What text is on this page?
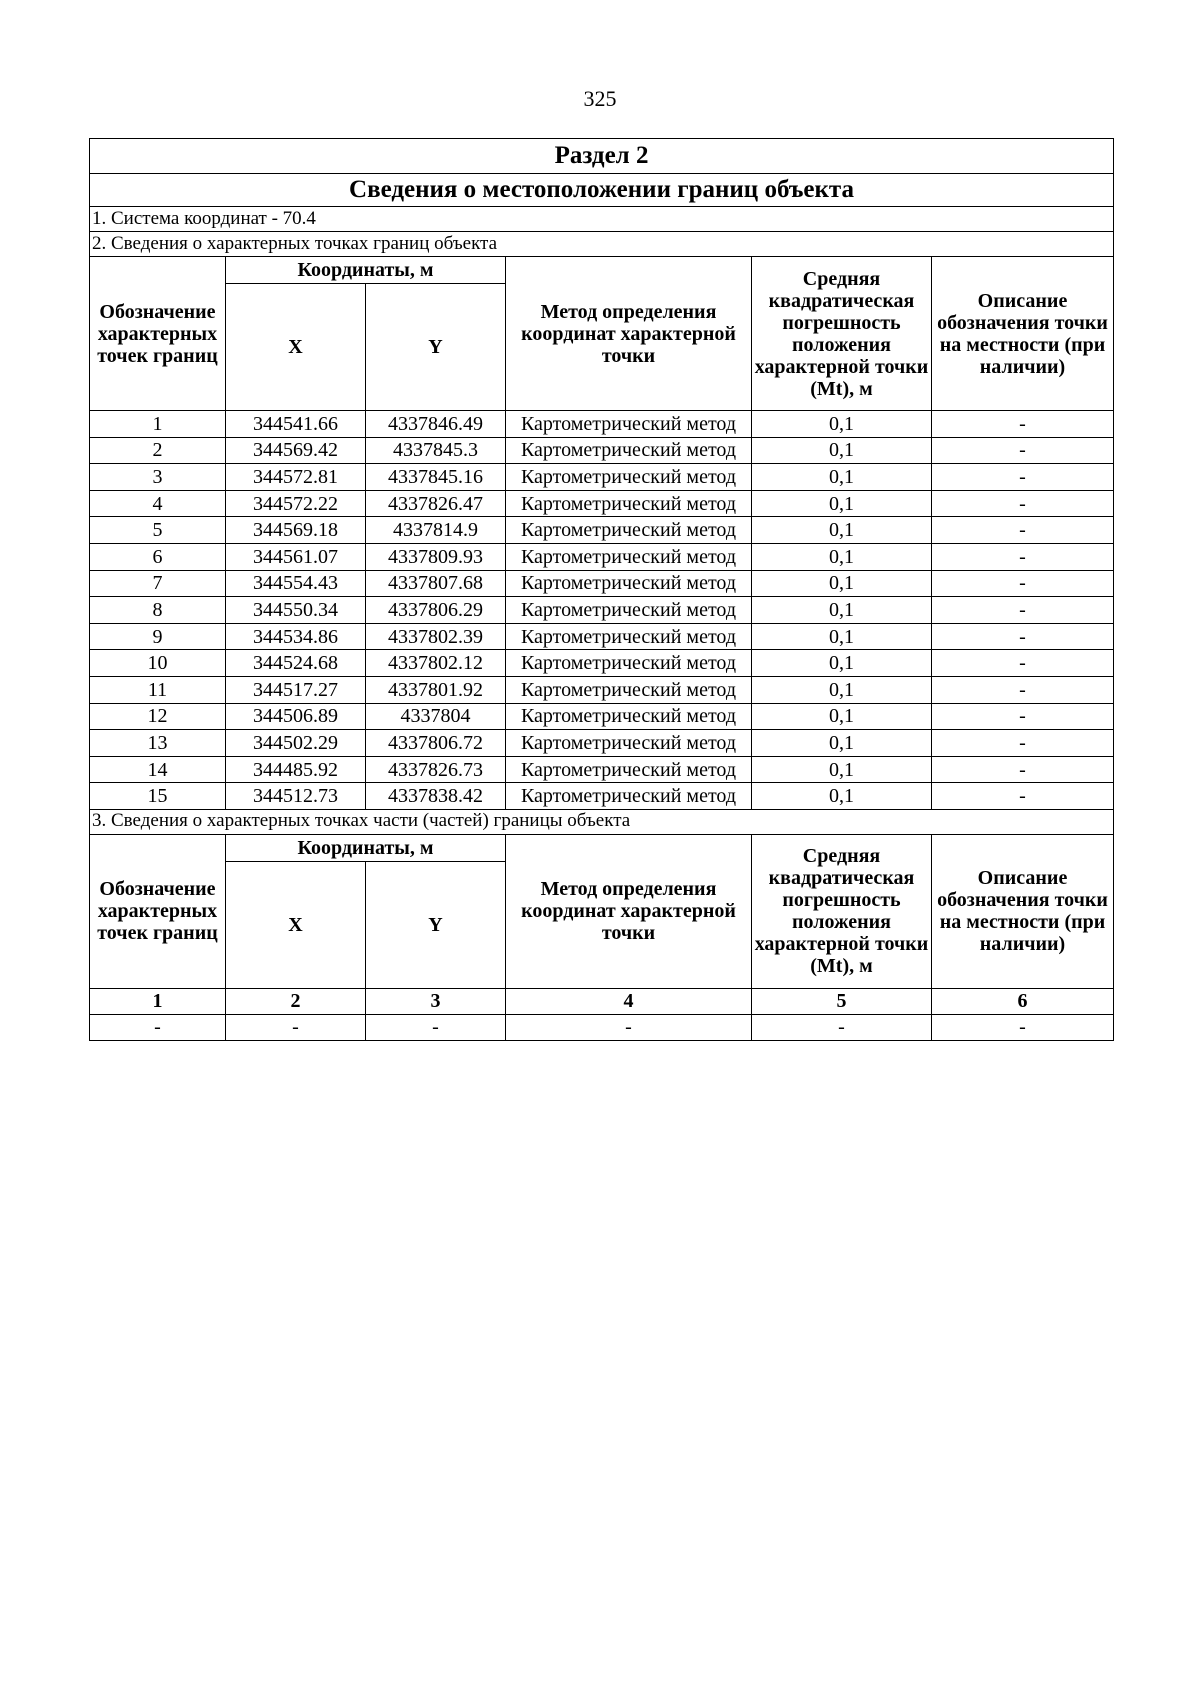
325
Раздел 2					
Сведения о местоположении границ объекта					
1. Система координат - 70.4					
2. Сведения о характерных точках границ объекта					
Обозначение характерных точек границ	Координаты, м		Метод определения координат характерной точки	Средняя квадратическая погрешность положения характерной точки (Mt), м	Описание обозначения точки на местности (при наличии)
	X	Y			
1	344541.66	4337846.49	Картометрический метод	0,1	-
2	344569.42	4337845.3	Картометрический метод	0,1	-
3	344572.81	4337845.16	Картометрический метод	0,1	-
4	344572.22	4337826.47	Картометрический метод	0,1	-
5	344569.18	4337814.9	Картометрический метод	0,1	-
6	344561.07	4337809.93	Картометрический метод	0,1	-
7	344554.43	4337807.68	Картометрический метод	0,1	-
8	344550.34	4337806.29	Картометрический метод	0,1	-
9	344534.86	4337802.39	Картометрический метод	0,1	-
10	344524.68	4337802.12	Картометрический метод	0,1	-
11	344517.27	4337801.92	Картометрический метод	0,1	-
12	344506.89	4337804	Картометрический метод	0,1	-
13	344502.29	4337806.72	Картометрический метод	0,1	-
14	344485.92	4337826.73	Картометрический метод	0,1	-
15	344512.73	4337838.42	Картометрический метод	0,1	-
3. Сведения о характерных точках части (частей) границы объекта					
Обозначение характерных точек границ	Координаты, м		Метод определения координат характерной точки	Средняя квадратическая погрешность положения характерной точки (Mt), м	Описание обозначения точки на местности (при наличии)
	X	Y			
1	2	3	4	5	6
-	-	-	-	-	-
